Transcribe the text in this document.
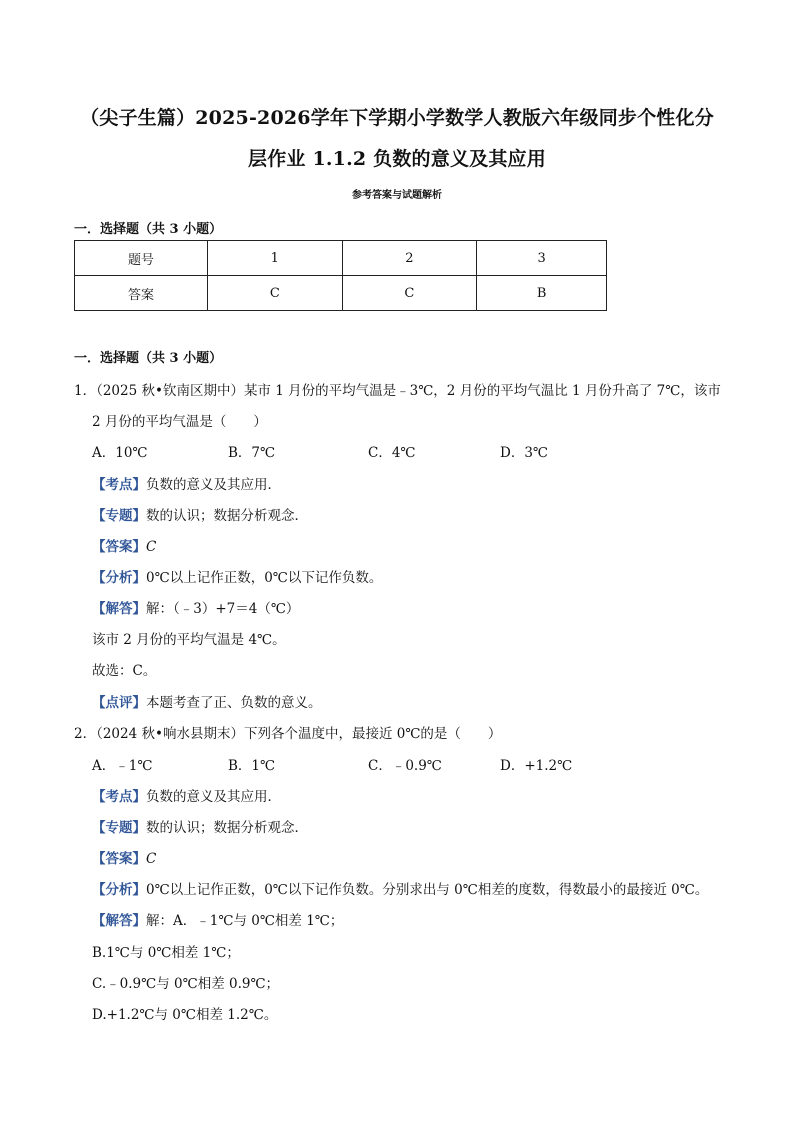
（尖子生篇）2025-2026学年下学期小学数学人教版六年级同步个性化分
层作业 1.1.2 负数的意义及其应用
参考答案与试题解析
一．选择题（共 3 小题）
题号	1	2	3
答案	C	C	B
一．选择题（共 3 小题）
1．（2025 秋•钦南区期中）某市 1 月份的平均气温是﹣3℃，2 月份的平均气温比 1 月份升高了 7℃，该市
2 月份的平均气温是（　　）
A．10℃	B．7℃	C．4℃	D．3℃
【考点】负数的意义及其应用．
【专题】数的认识；数据分析观念．
【答案】C
【分析】0℃以上记作正数，0℃以下记作负数。
【解答】解：（﹣3）+7＝4（℃）
该市 2 月份的平均气温是 4℃。
故选：C。
【点评】本题考查了正、负数的意义。
2．（2024 秋•响水县期末）下列各个温度中，最接近 0℃的是（　　）
A．﹣1℃	B．1℃	C．﹣0.9℃	D．+1.2℃
【考点】负数的意义及其应用．
【专题】数的认识；数据分析观念．
【答案】C
【分析】0℃以上记作正数，0℃以下记作负数。分别求出与 0℃相差的度数，得数最小的最接近 0℃。
【解答】解：A．﹣1℃与 0℃相差 1℃；
B.1℃与 0℃相差 1℃；
C.﹣0.9℃与 0℃相差 0.9℃；
D.+1.2℃与 0℃相差 1.2℃。
